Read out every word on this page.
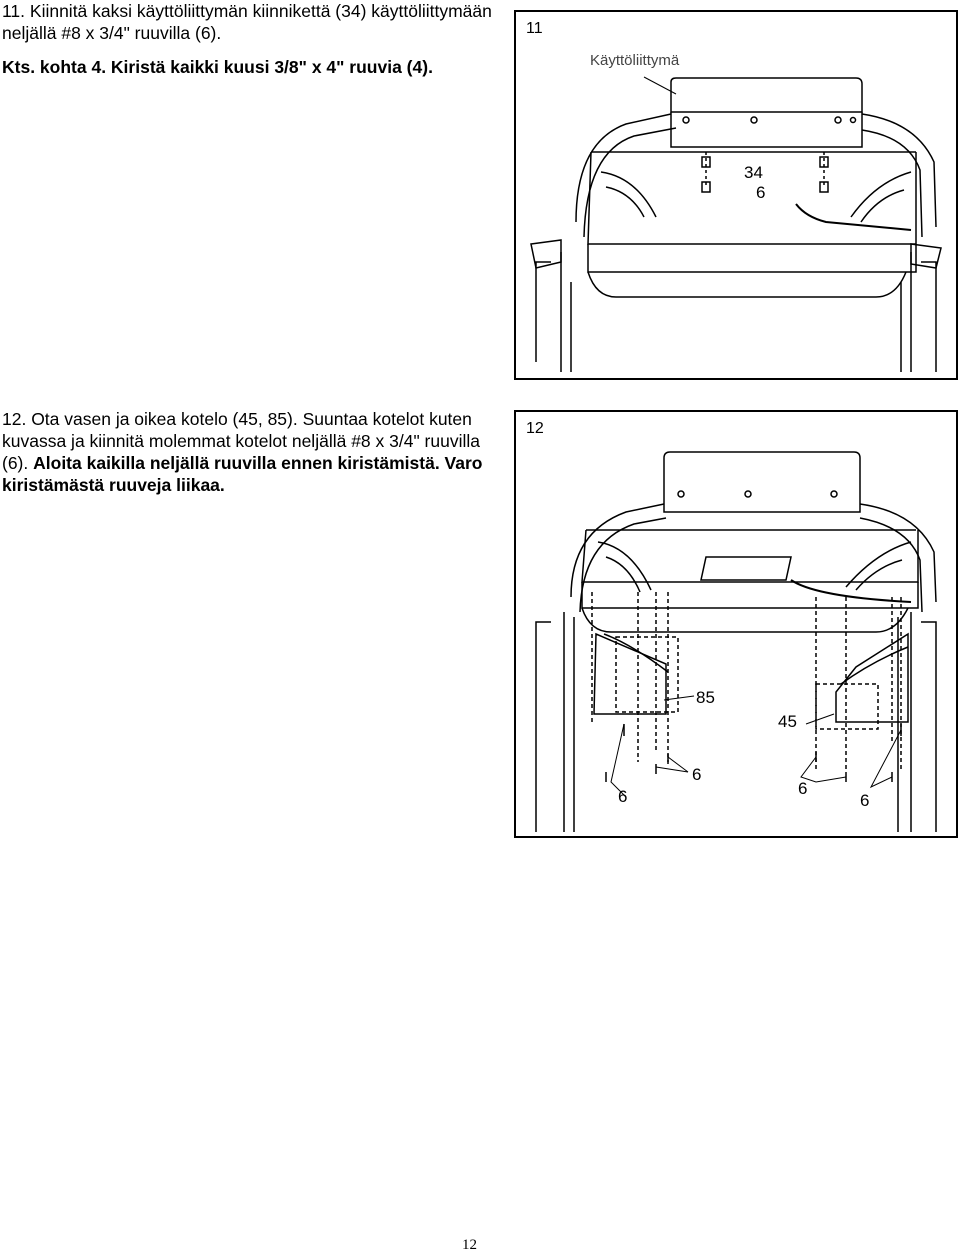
11. Kiinnitä kaksi käyttöliittymän kiinnikettä (34) käyttöliittymään neljällä #8 x 3/4" ruuvilla (6).
Kts. kohta 4. Kiristä kaikki kuusi 3/8" x 4" ruuvia (4).
11
Käyttöliittymä
34
6
12. Ota vasen ja oikea kotelo (45, 85). Suuntaa kotelot kuten kuvassa ja kiinnitä molemmat kotelot neljällä #8 x 3/4" ruuvilla (6). Aloita kaikilla neljällä ruuvilla ennen kiristämistä. Varo kiristämästä ruuveja liikaa.
12
85
45
6
6
6
6
12
